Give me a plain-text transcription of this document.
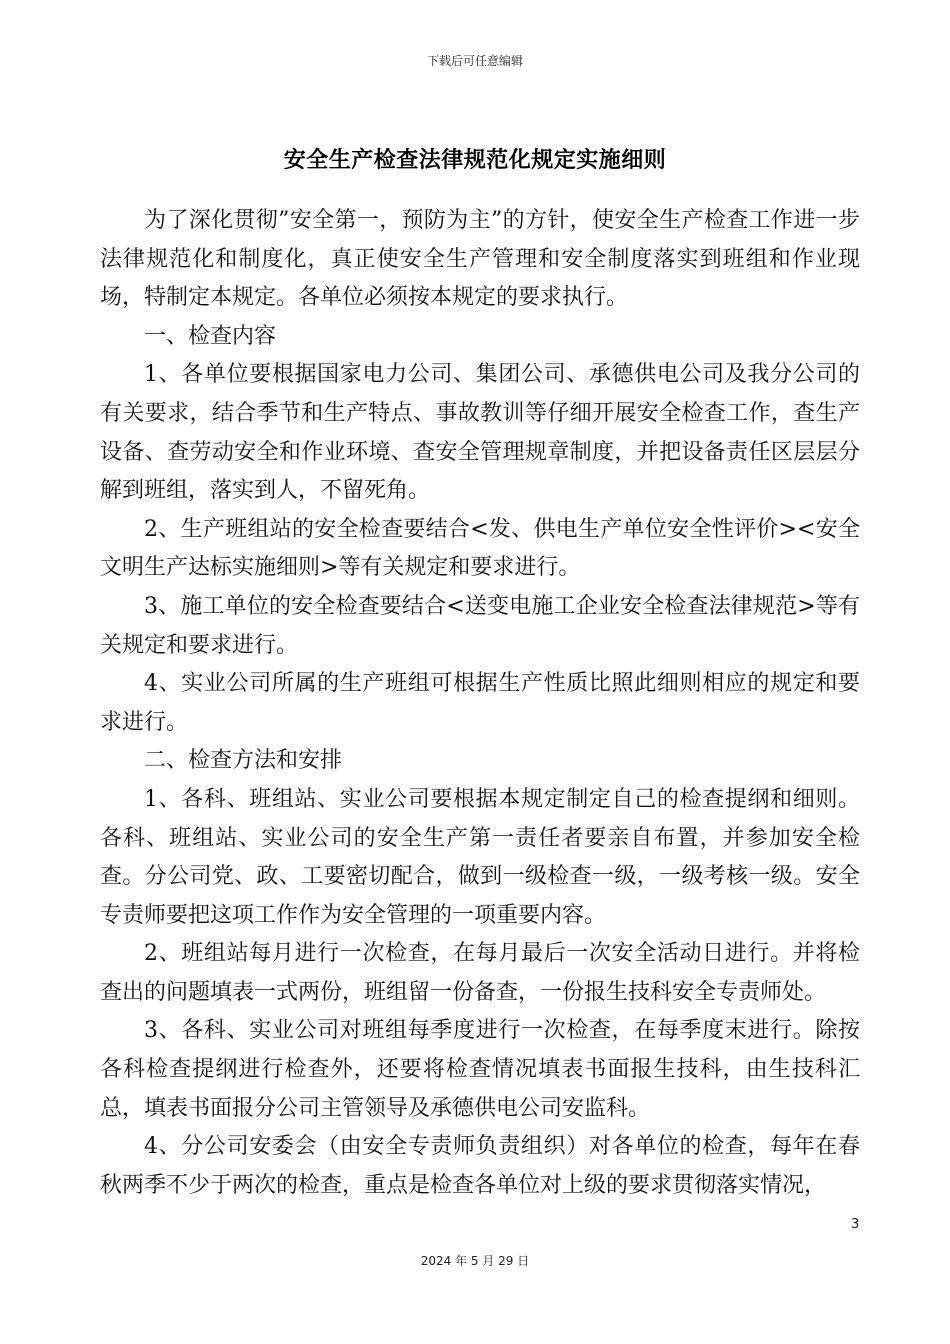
下载后可任意编辑
安全生产检查法律规范化规定实施细则

为了深化贯彻”安全第一，预防为主”的方针，使安全生产检查工作进一步法律规范化和制度化，真正使安全生产管理和安全制度落实到班组和作业现场，特制定本规定。各单位必须按本规定的要求执行。

一、检查内容

1、各单位要根据国家电力公司、集团公司、承德供电公司及我分公司的有关要求，结合季节和生产特点、事故教训等仔细开展安全检查工作，查生产设备、查劳动安全和作业环境、查安全管理规章制度，并把设备责任区层层分解到班组，落实到人，不留死角。

2、生产班组站的安全检查要结合<发、供电生产单位安全性评价><安全文明生产达标实施细则>等有关规定和要求进行。

3、施工单位的安全检查要结合<送变电施工企业安全检查法律规范>等有关规定和要求进行。

4、实业公司所属的生产班组可根据生产性质比照此细则相应的规定和要求进行。

二、检查方法和安排

1、各科、班组站、实业公司要根据本规定制定自己的检查提纲和细则。各科、班组站、实业公司的安全生产第一责任者要亲自布置，并参加安全检查。分公司党、政、工要密切配合，做到一级检查一级，一级考核一级。安全专责师要把这项工作作为安全管理的一项重要内容。

2、班组站每月进行一次检查，在每月最后一次安全活动日进行。并将检查出的问题填表一式两份，班组留一份备查，一份报生技科安全专责师处。

3、各科、实业公司对班组每季度进行一次检查，在每季度末进行。除按各科检查提纲进行检查外，还要将检查情况填表书面报生技科，由生技科汇总，填表书面报分公司主管领导及承德供电公司安监科。

4、分公司安委会（由安全专责师负责组织）对各单位的检查，每年在春秋两季不少于两次的检查，重点是检查各单位对上级的要求贯彻落实情况，

3
2024 年 5 月 29 日
